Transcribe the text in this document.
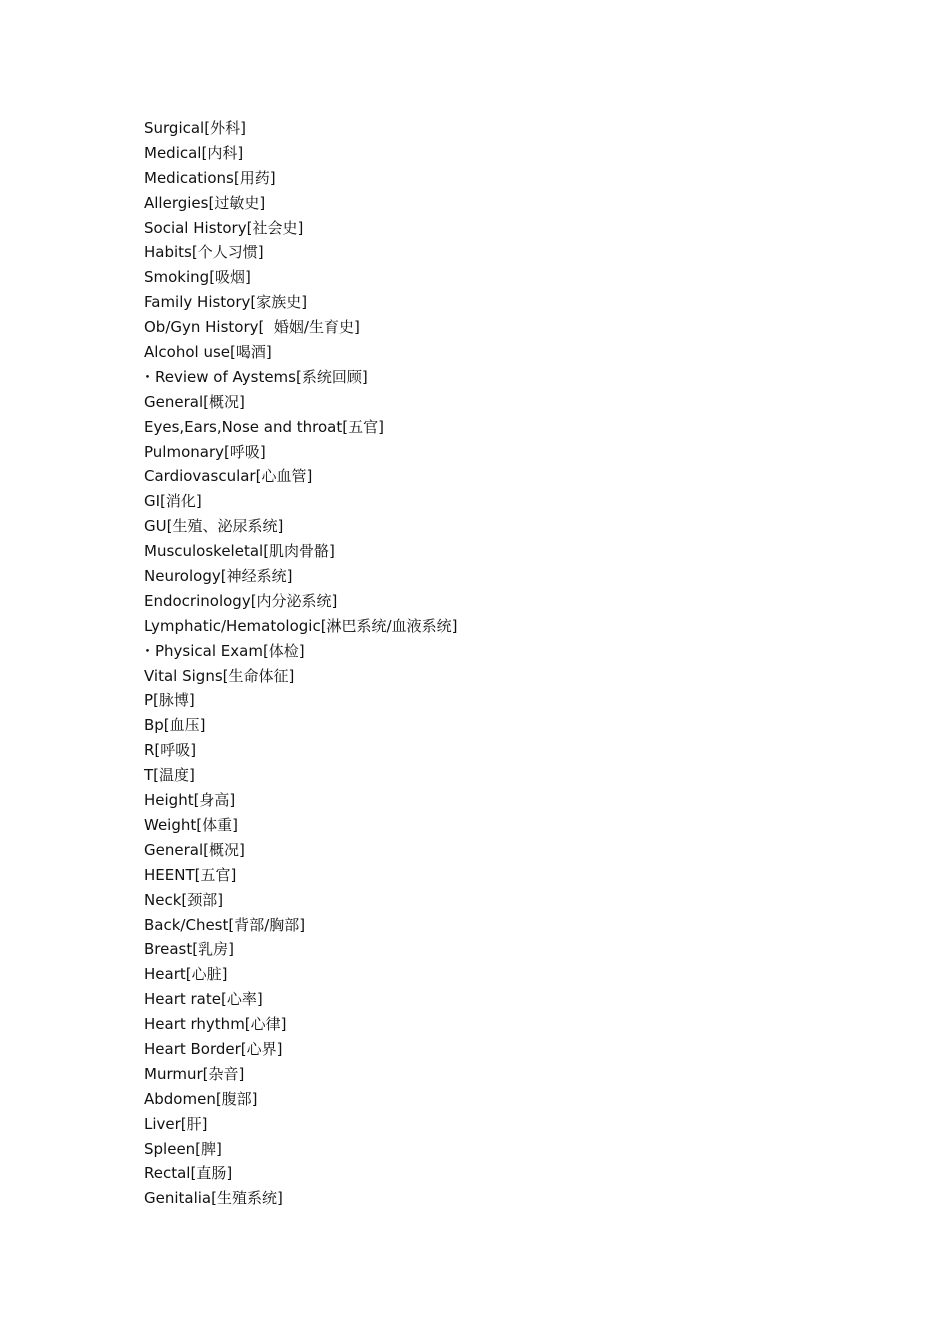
Surgical[外科]
Medical[内科]
Medications[用药]
Allergies[过敏史]
Social History[社会史]
Habits[个人习惯]
Smoking[吸烟]
Family History[家族史]
Ob/Gyn History[  婚姻/生育史]
Alcohol use[喝酒]
・Review of Aystems[系统回顾]
General[概况]
Eyes,Ears,Nose and throat[五官]
Pulmonary[呼吸]
Cardiovascular[心血管]
GI[消化]
GU[生殖、泌尿系统]
Musculoskeletal[肌肉骨骼]
Neurology[神经系统]
Endocrinology[内分泌系统]
Lymphatic/Hematologic[淋巴系统/血液系统]
・Physical Exam[体检]
Vital Signs[生命体征]
P[脉博]
Bp[血压]
R[呼吸]
T[温度]
Height[身高]
Weight[体重]
General[概况]
HEENT[五官]
Neck[颈部]
Back/Chest[背部/胸部]
Breast[乳房]
Heart[心脏]
Heart rate[心率]
Heart rhythm[心律]
Heart Border[心界]
Murmur[杂音]
Abdomen[腹部]
Liver[肝]
Spleen[脾]
Rectal[直肠]
Genitalia[生殖系统]
